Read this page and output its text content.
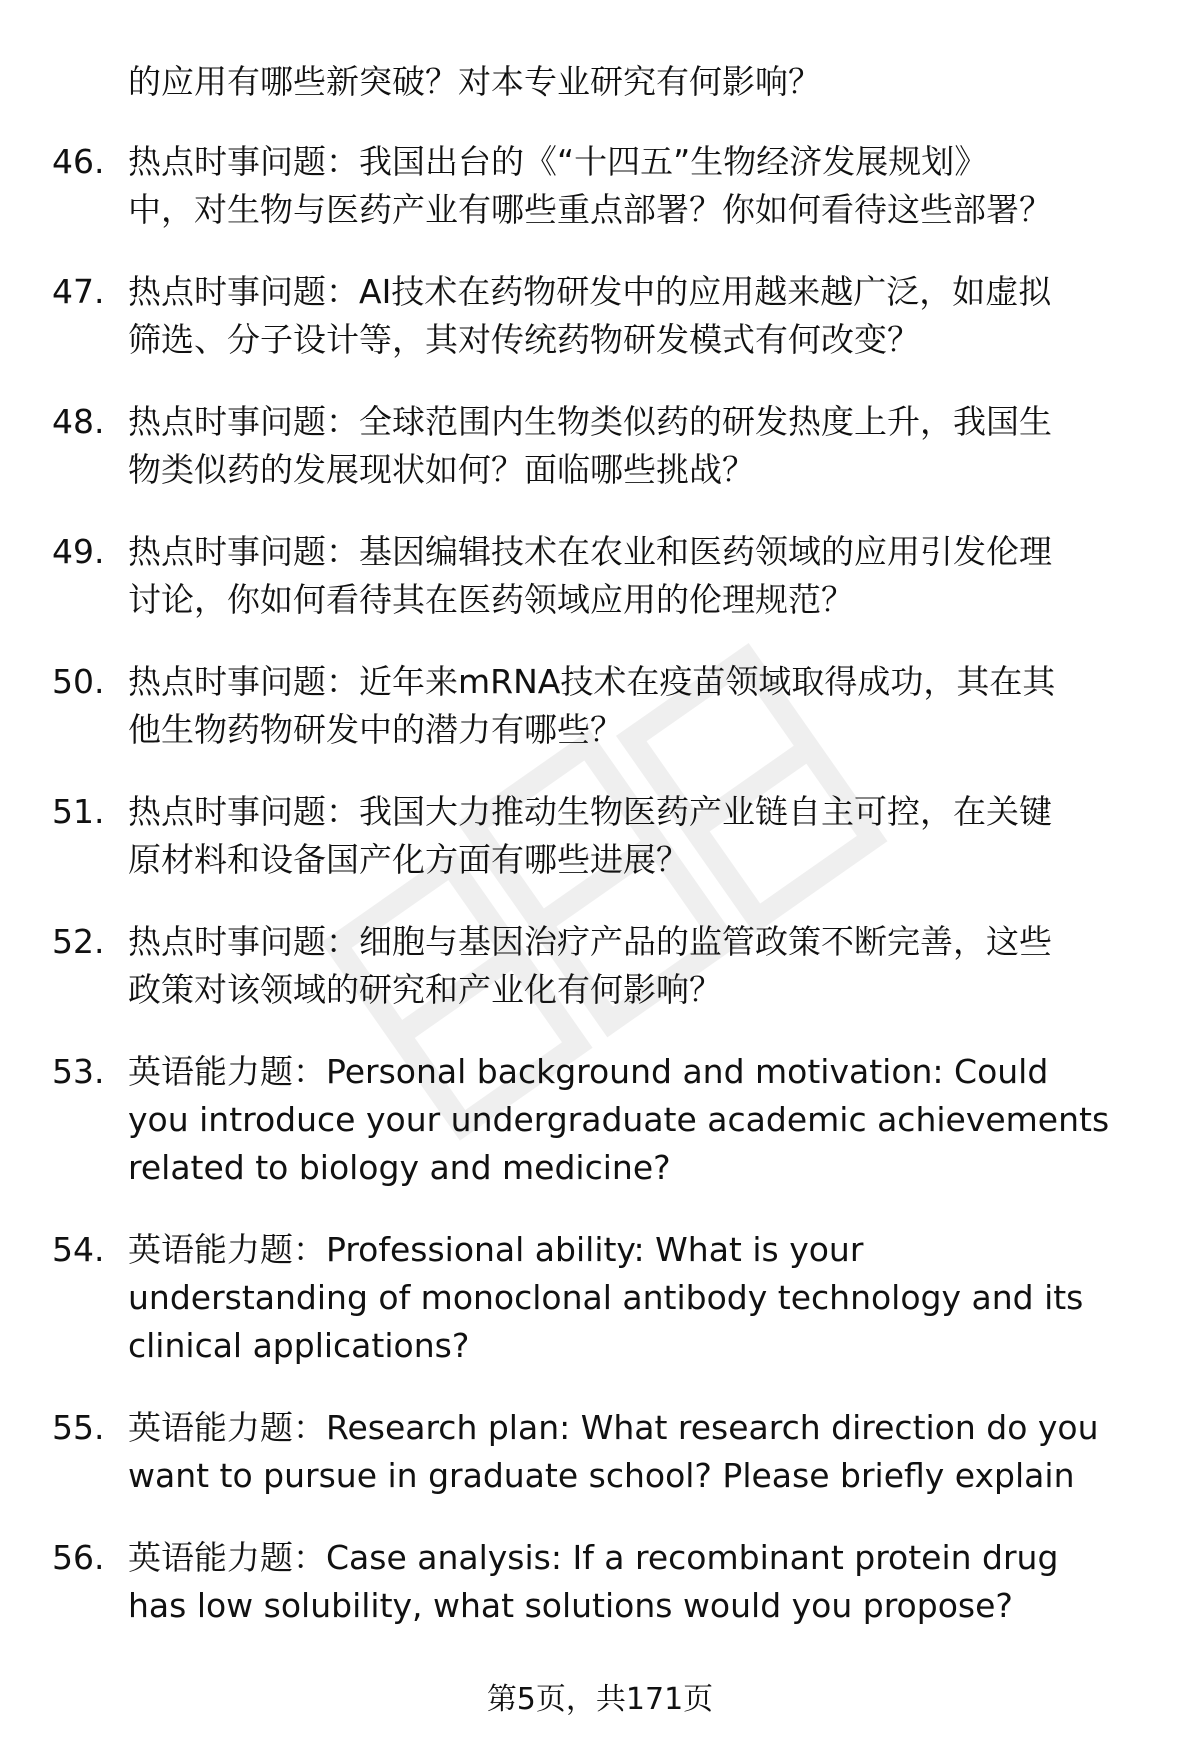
的应用有哪些新突破？对本专业研究有何影响？
46. 热点时事问题：我国出台的《“十四五”生物经济发展规划》
中，对生物与医药产业有哪些重点部署？你如何看待这些部署？
47. 热点时事问题：AI技术在药物研发中的应用越来越广泛，如虚拟
筛选、分子设计等，其对传统药物研发模式有何改变？
48. 热点时事问题：全球范围内生物类似药的研发热度上升，我国生
物类似药的发展现状如何？面临哪些挑战？
49. 热点时事问题：基因编辑技术在农业和医药领域的应用引发伦理
讨论，你如何看待其在医药领域应用的伦理规范？
50. 热点时事问题：近年来mRNA技术在疫苗领域取得成功，其在其
他生物药物研发中的潜力有哪些？
51. 热点时事问题：我国大力推动生物医药产业链自主可控，在关键
原材料和设备国产化方面有哪些进展？
52. 热点时事问题：细胞与基因治疗产品的监管政策不断完善，这些
政策对该领域的研究和产业化有何影响？
53. 英语能力题：Personal background and motivation: Could
you introduce your undergraduate academic achievements
related to biology and medicine?
54. 英语能力题：Professional ability: What is your
understanding of monoclonal antibody technology and its
clinical applications?
55. 英语能力题：Research plan: What research direction do you
want to pursue in graduate school? Please briefly explain
56. 英语能力题：Case analysis: If a recombinant protein drug
has low solubility, what solutions would you propose?
第5页，共171页
